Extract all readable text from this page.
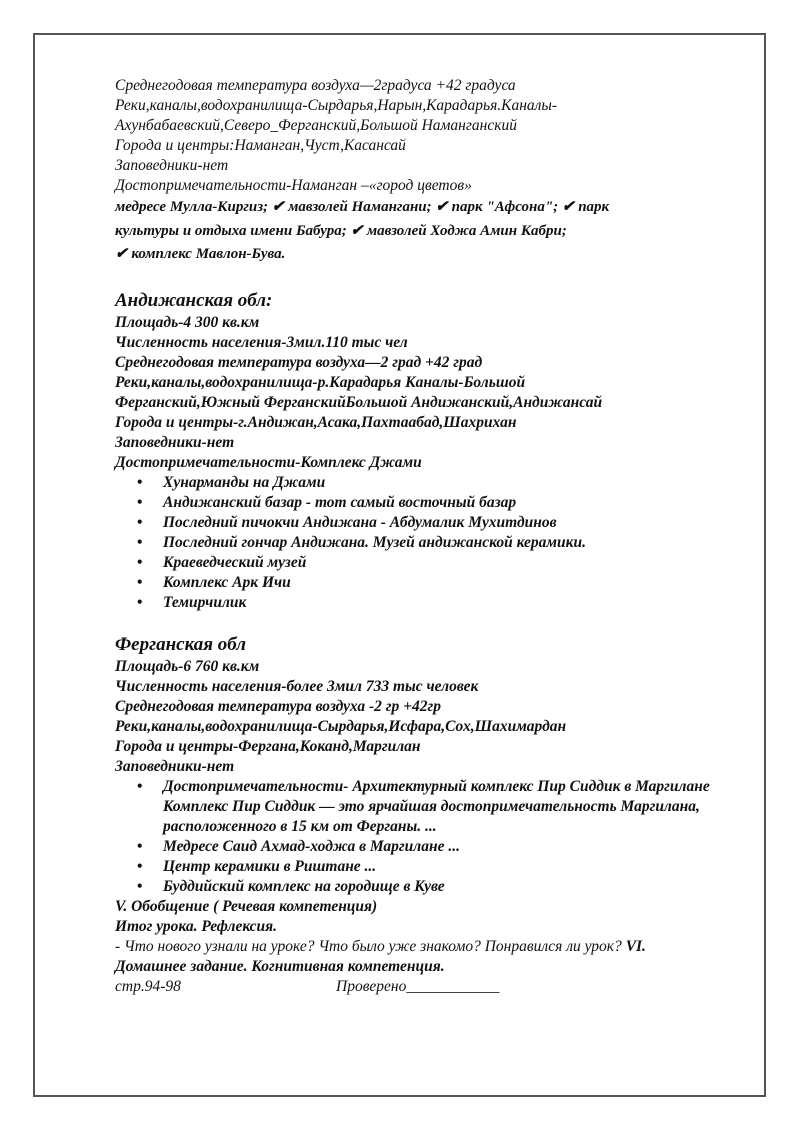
Среднегодовая температура воздуха—2градуса +42 градуса
Реки,каналы,водохранилища-Сырдарья,Нарын,Карадарья.Каналы-
Ахунбабаевский,Северо_Ферганский,Большой Наманганский
Города и центры:Наманган,Чуст,Касансай
Заповедники-нет
Достопримечательности-Наманган –«город цветов»
медресе Мулла-Киргиз; ✔ мавзолей Намангани; ✔ парк "Афсона"; ✔ парк
культуры и отдыха имени Бабура; ✔ мавзолей Ходжа Амин Кабри;
✔ комплекс Мавлон-Бува.
Андижанская обл:
Площадь-4 300 кв.км
Численность населения-3мил.110 тыс чел
Среднегодовая температура воздуха—2 град +42 град
Реки,каналы,водохранилища-р.Карадарья Каналы-Большой
Ферганский,Южный ФерганскийБольшой Андижанский,Андижансай
Города и центры-г.Андижан,Асака,Пахтаабад,Шахрихан
Заповедники-нет
Достопримечательности-Комплекс Джами
• Хунарманды на Джами
• Андижанский базар - тот самый восточный базар
• Последний пичокчи Андижана - Абдумалик Мухитдинов
• Последний гончар Андижана. Музей андижанской керамики.
• Краеведческий музей
• Комплекс Арк Ичи
• Темирчилик
Ферганская обл
Площадь-6 760 кв.км
Численность населения-более 3мил 733 тыс человек
Среднегодовая температура воздуха -2 гр +42гр
Реки,каналы,водохранилища-Сырдарья,Исфара,Сох,Шахимардан
Города и центры-Фергана,Коканд,Маргилан
Заповедники-нет
• Достопримечательности- Архитектурный комплекс Пир Сиддик в Маргилане Комплекс Пир Сиддик — это ярчайшая достопримечательность Маргилана, расположенного в 15 км от Ферганы. ...
• Медресе Саид Ахмад-ходжа в Маргилане ...
• Центр керамики в Риштане ...
• Буддийский комплекс на городище в Куве
V. Обобщение ( Речевая компетенция)
Итог урока. Рефлексия.
- Что нового узнали на уроке? Что было уже знакомо? Понравился ли урок? VI.
Домашнее задание. Когнитивная компетенция.
стр.94-98	Проверено____________
